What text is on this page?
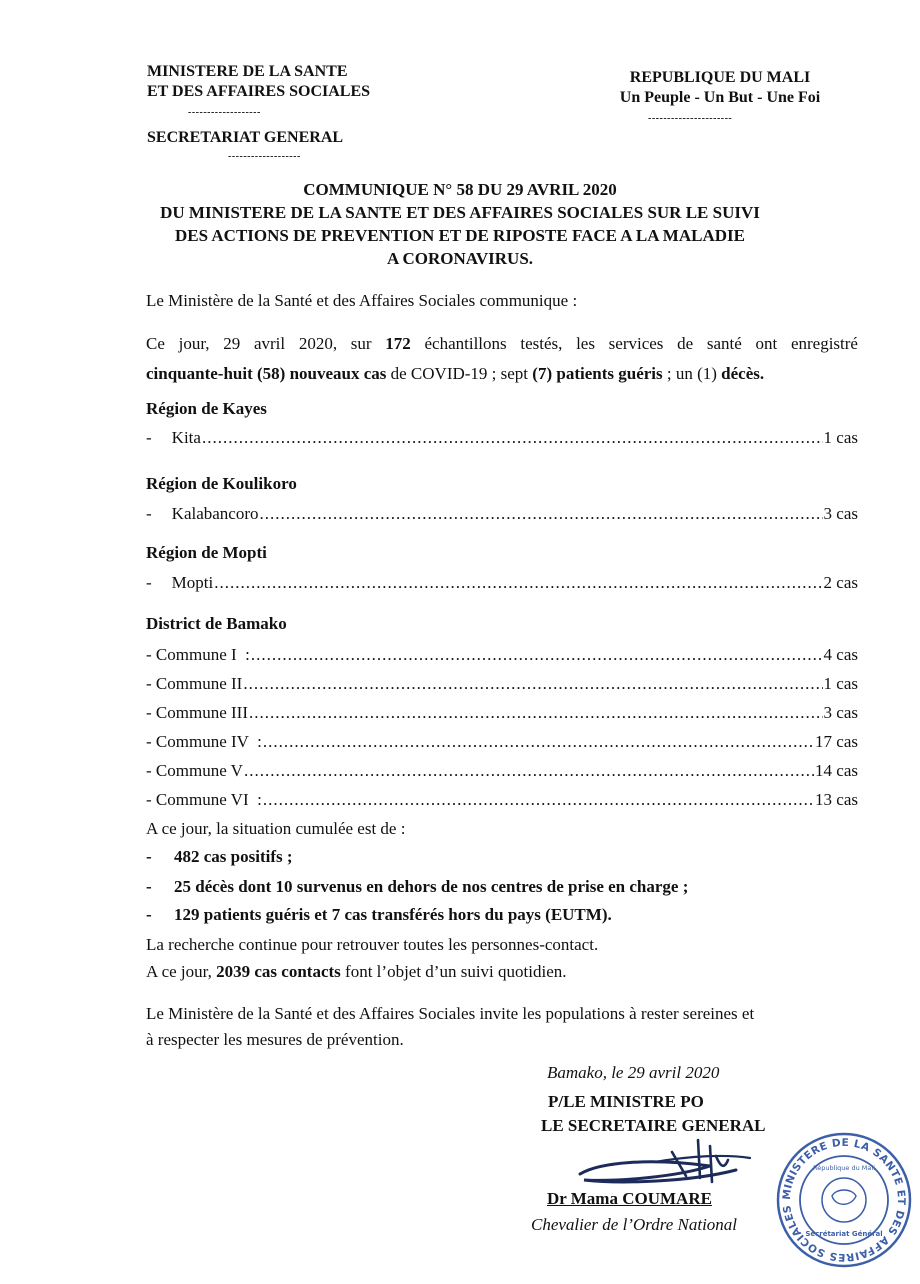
MINISTERE DE LA SANTE
ET DES AFFAIRES SOCIALES
-------------------
SECRETARIAT GENERAL
-------------------
REPUBLIQUE DU MALI
Un Peuple - Un But - Une Foi
----------------------
COMMUNIQUE N° 58 DU 29 AVRIL 2020
DU MINISTERE DE LA SANTE ET DES AFFAIRES SOCIALES SUR LE SUIVI
DES ACTIONS DE PREVENTION ET DE RIPOSTE FACE A LA MALADIE
A CORONAVIRUS.
Le Ministère de la Santé et des Affaires Sociales communique :
Ce jour, 29 avril 2020, sur 172 échantillons testés, les services de santé ont enregistré
cinquante-huit (58) nouveaux cas de COVID-19 ; sept (7) patients guéris ; un (1) décès.
Région de Kayes
- Kita .....	1 cas
Région de Koulikoro
- Kalabancoro .....	3 cas
Région de Mopti
- Mopti .....	2 cas
District de Bamako
- Commune I  : .....	4 cas
- Commune II .....	1 cas
- Commune III .....	3 cas
- Commune IV  : .....	17 cas
- Commune V .....	14 cas
- Commune VI  : .....	13 cas
A ce jour, la situation cumulée est de :
- 482 cas positifs ;
- 25 décès dont 10 survenus en dehors de nos centres de prise en charge ;
- 129 patients guéris et 7 cas transférés hors du pays (EUTM).
La recherche continue pour retrouver toutes les personnes-contact.
A ce jour, 2039 cas contacts font l’objet d’un suivi quotidien.
Le Ministère de la Santé et des Affaires Sociales invite les populations à rester sereines et
à respecter les mesures de prévention.
Bamako, le 29 avril 2020
P/LE MINISTRE PO
LE SECRETAIRE GENERAL
Dr Mama COUMARE
Chevalier de l’Ordre National
MINISTERE DE LA SANTE ET DES AFFAIRES SOCIALES
République du Mali
Secrétariat Général
